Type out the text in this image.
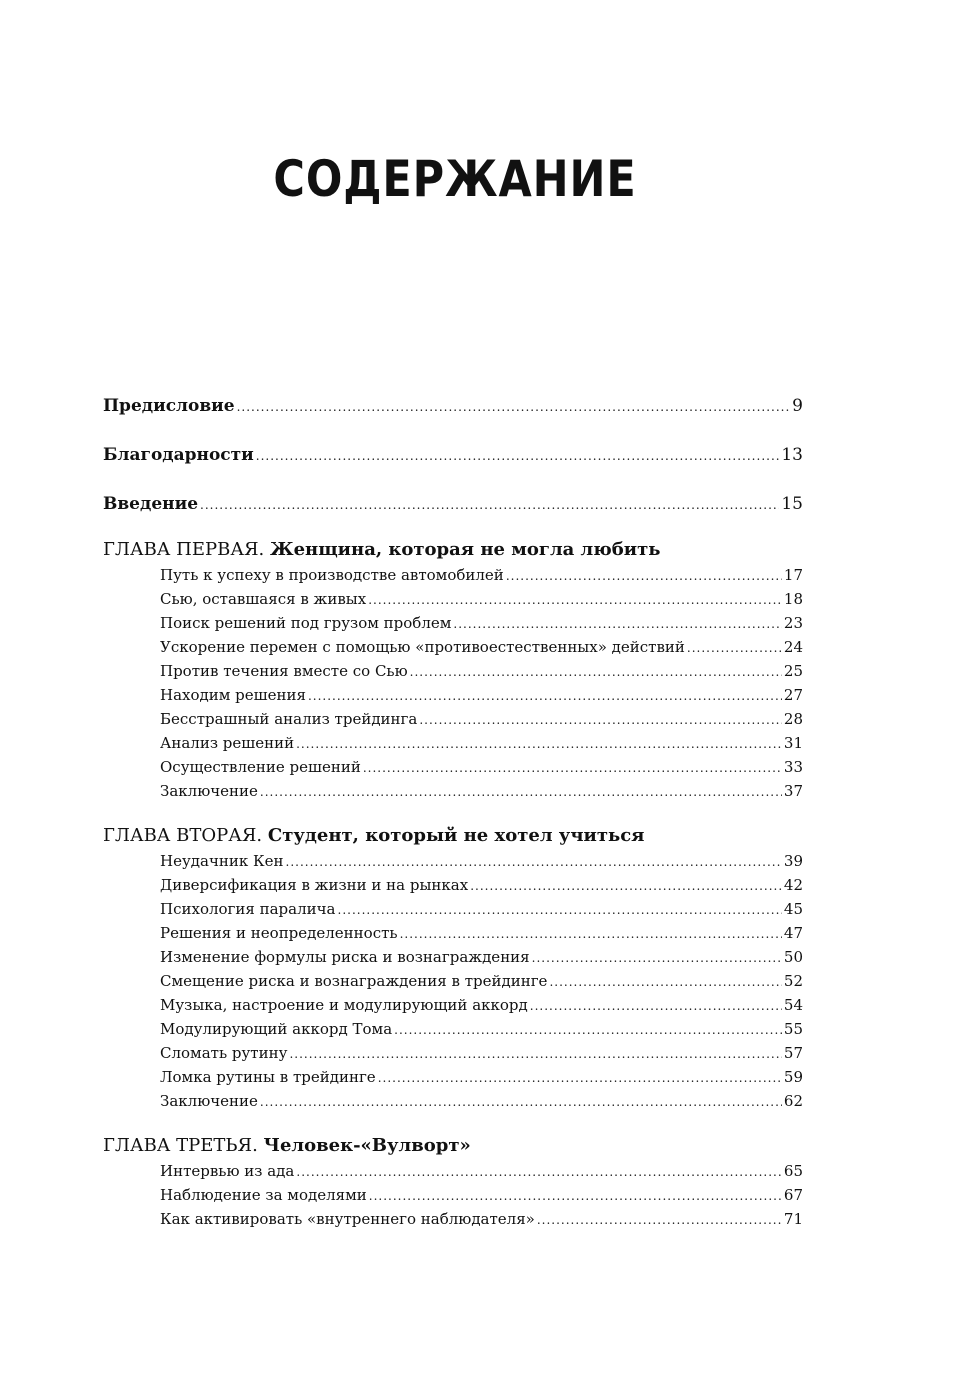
СОДЕРЖАНИЕ
Предисловие .....	9
Благодарности .....	13
Введение .....	15
ГЛАВА ПЕРВАЯ. Женщина, которая не могла любить
Путь к успеху в производстве автомобилей .....	17
Сью, оставшаяся в живых .....	18
Поиск решений под грузом проблем .....	23
Ускорение перемен с помощью «противоестественных» действий .....	24
Против течения вместе со Сью .....	25
Находим решения .....	27
Бесстрашный анализ трейдинга .....	28
Анализ решений .....	31
Осуществление решений .....	33
Заключение .....	37
ГЛАВА ВТОРАЯ. Студент, который не хотел учиться
Неудачник Кен .....	39
Диверсификация в жизни и на рынках .....	42
Психология паралича .....	45
Решения и неопределенность .....	47
Изменение формулы риска и вознаграждения .....	50
Смещение риска и вознаграждения в трейдинге .....	52
Музыка, настроение и модулирующий аккорд .....	54
Модулирующий аккорд Тома .....	55
Сломать рутину .....	57
Ломка рутины в трейдинге .....	59
Заключение .....	62
ГЛАВА ТРЕТЬЯ. Человек-«Вулворт»
Интервью из ада .....	65
Наблюдение за моделями .....	67
Как активировать «внутреннего наблюдателя» .....	71
